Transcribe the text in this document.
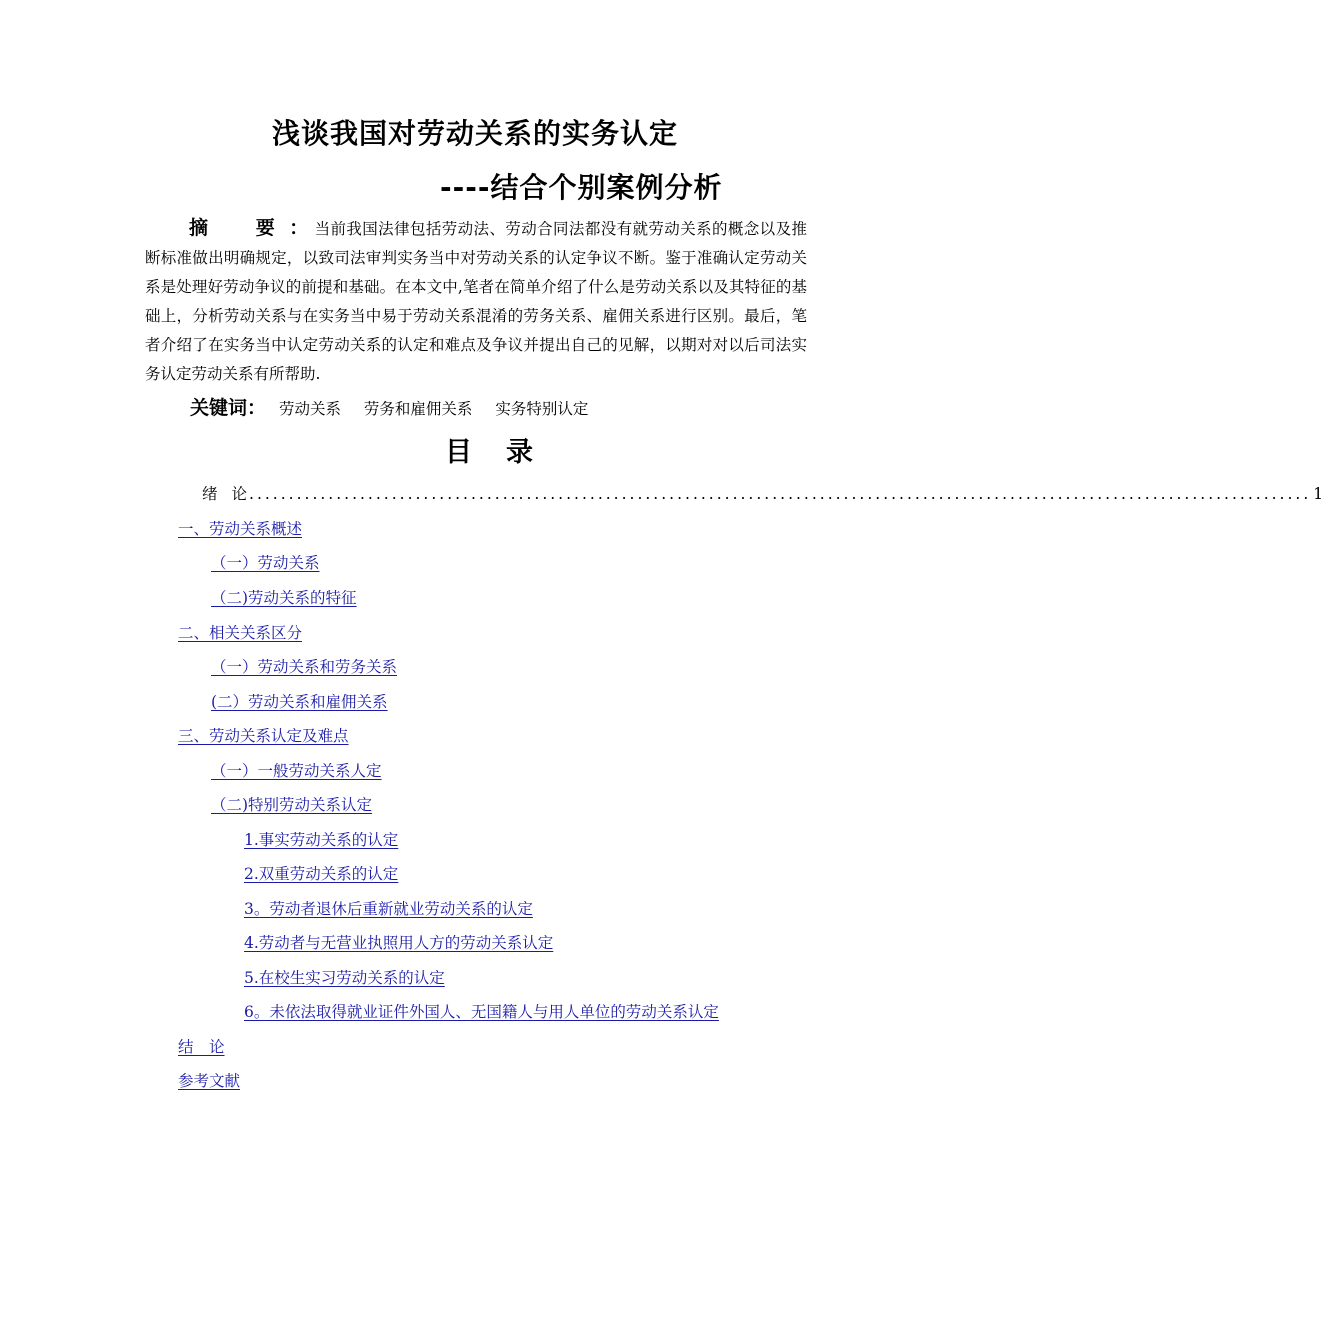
浅谈我国对劳动关系的实务认定
----结合个别案例分析
摘　要： 当前我国法律包括劳动法、劳动合同法都没有就劳动关系的概念以及推断标准做出明确规定，以致司法审判实务当中对劳动关系的认定争议不断。鉴于准确认定劳动关系是处理好劳动争议的前提和基础。在本文中,笔者在简单介绍了什么是劳动关系以及其特征的基础上，分析劳动关系与在实务当中易于劳动关系混淆的劳务关系、雇佣关系进行区别。最后，笔者介绍了在实务当中认定劳动关系的认定和难点及争议并提出自己的见解，以期对对以后司法实务认定劳动关系有所帮助.
关键词： 劳动关系 劳务和雇佣关系 实务特别认定
目录
绪 论 ...................................................................................................................................... 1
一、劳动关系概述
（一）劳动关系
（二)劳动关系的特征
二、相关关系区分
（一）劳动关系和劳务关系
(二）劳动关系和雇佣关系
三、劳动关系认定及难点
（一）一般劳动关系人定
（二)特别劳动关系认定
1.事实劳动关系的认定
2.双重劳动关系的认定
3。劳动者退休后重新就业劳动关系的认定
4.劳动者与无营业执照用人方的劳动关系认定
5.在校生实习劳动关系的认定
6。未依法取得就业证件外国人、无国籍人与用人单位的劳动关系认定
结　论
参考文献
